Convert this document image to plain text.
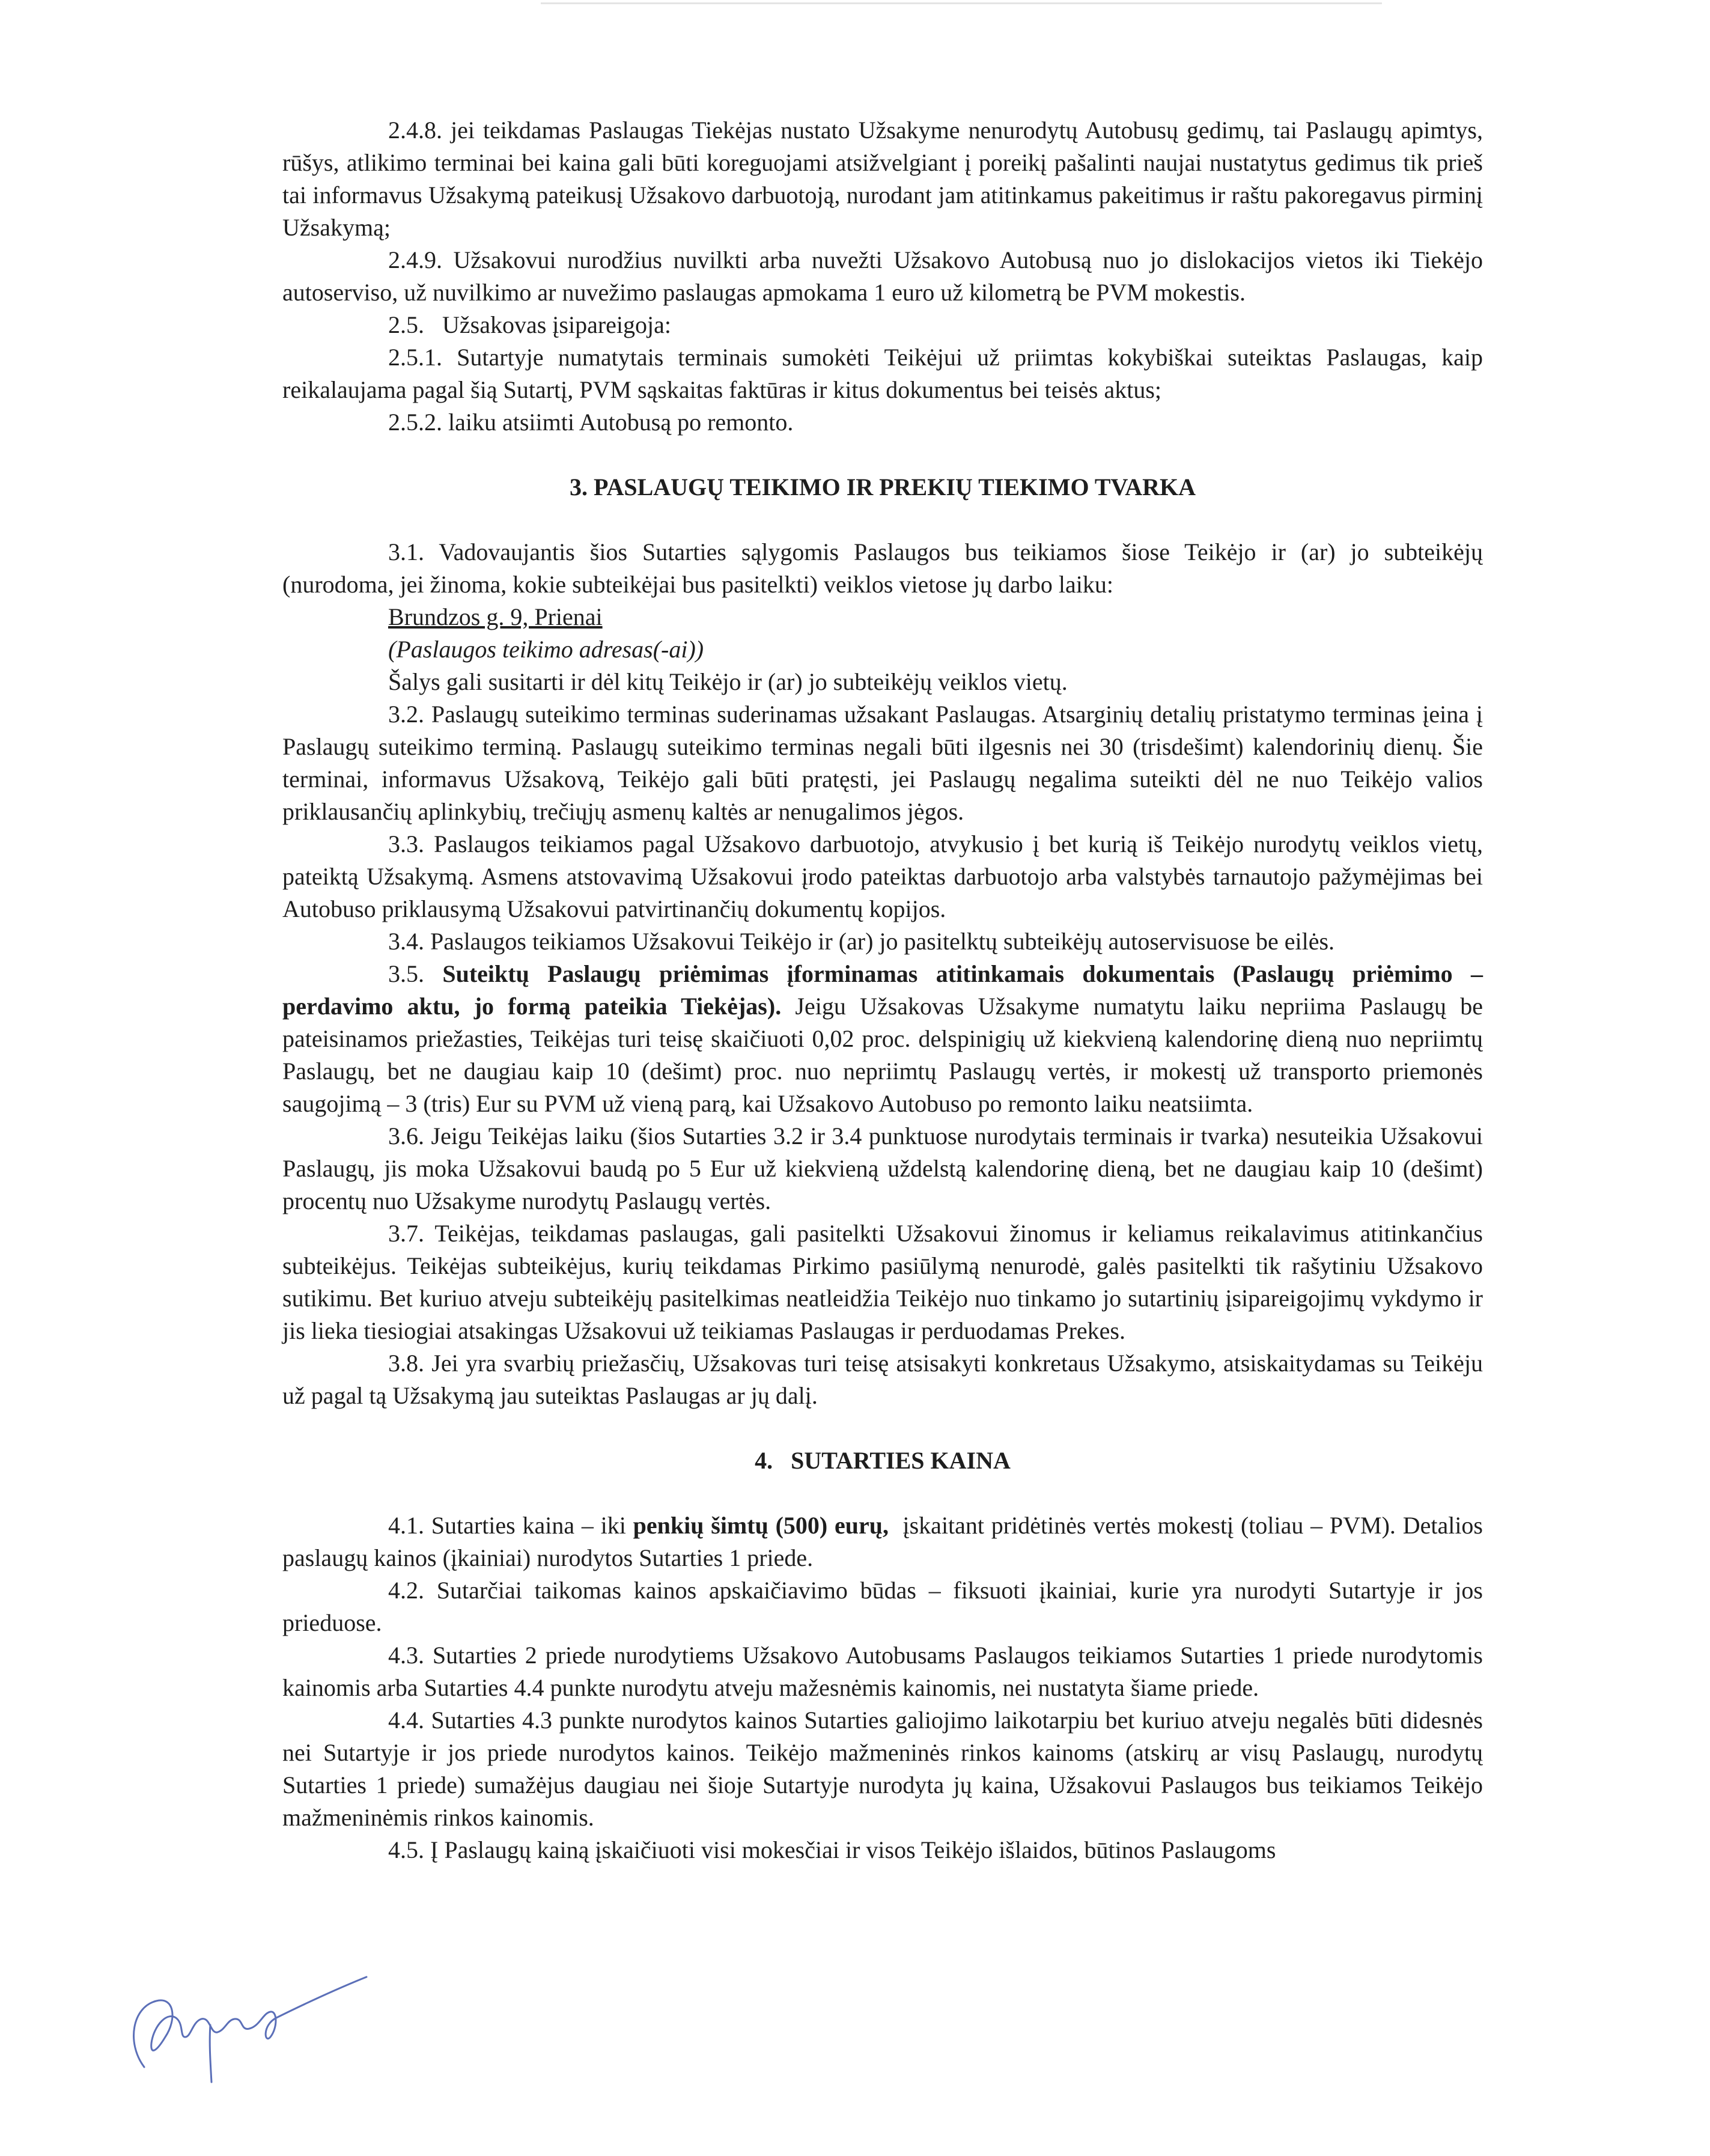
2.4.8. jei teikdamas Paslaugas Tiekėjas nustato Užsakyme nenurodytų Autobusų gedimų, tai Paslaugų apimtys, rūšys, atlikimo terminai bei kaina gali būti koreguojami atsižvelgiant į poreikį pašalinti naujai nustatytus gedimus tik prieš tai informavus Užsakymą pateikusį Užsakovo darbuotoją, nurodant jam atitinkamus pakeitimus ir raštu pakoregavus pirminį Užsakymą;

2.4.9. Užsakovui nurodžius nuvilkti arba nuvežti Užsakovo Autobusą nuo jo dislokacijos vietos iki Tiekėjo autoserviso, už nuvilkimo ar nuvežimo paslaugas apmokama 1 euro už kilometrą be PVM mokestis.

2.5.   Užsakovas įsipareigoja:

2.5.1. Sutartyje numatytais terminais sumokėti Teikėjui už priimtas kokybiškai suteiktas Paslaugas, kaip reikalaujama pagal šią Sutartį, PVM sąskaitas faktūras ir kitus dokumentus bei teisės aktus;

2.5.2. laiku atsiimti Autobusą po remonto.

3. PASLAUGŲ TEIKIMO IR PREKIŲ TIEKIMO TVARKA

3.1. Vadovaujantis šios Sutarties sąlygomis Paslaugos bus teikiamos šiose Teikėjo ir (ar) jo subteikėjų (nurodoma, jei žinoma, kokie subteikėjai bus pasitelkti) veiklos vietose jų darbo laiku:

Brundzos g. 9, Prienai

(Paslaugos teikimo adresas(-ai))

Šalys gali susitarti ir dėl kitų Teikėjo ir (ar) jo subteikėjų veiklos vietų.

3.2. Paslaugų suteikimo terminas suderinamas užsakant Paslaugas. Atsarginių detalių pristatymo terminas įeina į Paslaugų suteikimo terminą. Paslaugų suteikimo terminas negali būti ilgesnis nei 30 (trisdešimt) kalendorinių dienų. Šie terminai, informavus Užsakovą, Teikėjo gali būti pratęsti, jei Paslaugų negalima suteikti dėl ne nuo Teikėjo valios priklausančių aplinkybių, trečiųjų asmenų kaltės ar nenugalimos jėgos.

3.3. Paslaugos teikiamos pagal Užsakovo darbuotojo, atvykusio į bet kurią iš Teikėjo nurodytų veiklos vietų, pateiktą Užsakymą. Asmens atstovavimą Užsakovui įrodo pateiktas darbuotojo arba valstybės tarnautojo pažymėjimas bei Autobuso priklausymą Užsakovui patvirtinančių dokumentų kopijos.

3.4. Paslaugos teikiamos Užsakovui Teikėjo ir (ar) jo pasitelktų subteikėjų autoservisuose be eilės.

3.5. Suteiktų Paslaugų priėmimas įforminamas atitinkamais dokumentais (Paslaugų priėmimo – perdavimo aktu, jo formą pateikia Tiekėjas). Jeigu Užsakovas Užsakyme numatytu laiku nepriima Paslaugų be pateisinamos priežasties, Teikėjas turi teisę skaičiuoti 0,02 proc. delspinigių už kiekvieną kalendorinę dieną nuo nepriimtų Paslaugų, bet ne daugiau kaip 10 (dešimt) proc. nuo nepriimtų Paslaugų vertės, ir mokestį už transporto priemonės saugojimą – 3 (tris) Eur su PVM už vieną parą, kai Užsakovo Autobuso po remonto laiku neatsiimta.

3.6. Jeigu Teikėjas laiku (šios Sutarties 3.2 ir 3.4 punktuose nurodytais terminais ir tvarka) nesuteikia Užsakovui Paslaugų, jis moka Užsakovui baudą po 5 Eur už kiekvieną uždelstą kalendorinę dieną, bet ne daugiau kaip 10 (dešimt) procentų nuo Užsakyme nurodytų Paslaugų vertės.

3.7. Teikėjas, teikdamas paslaugas, gali pasitelkti Užsakovui žinomus ir keliamus reikalavimus atitinkančius subteikėjus. Teikėjas subteikėjus, kurių teikdamas Pirkimo pasiūlymą nenurodė, galės pasitelkti tik rašytiniu Užsakovo sutikimu. Bet kuriuo atveju subteikėjų pasitelkimas neatleidžia Teikėjo nuo tinkamo jo sutartinių įsipareigojimų vykdymo ir jis lieka tiesiogiai atsakingas Užsakovui už teikiamas Paslaugas ir perduodamas Prekes.

3.8. Jei yra svarbių priežasčių, Užsakovas turi teisę atsisakyti konkretaus Užsakymo, atsiskaitydamas su Teikėju už pagal tą Užsakymą jau suteiktas Paslaugas ar jų dalį.

4.   SUTARTIES KAINA

4.1. Sutarties kaina – iki penkių šimtų (500) eurų,  įskaitant pridėtinės vertės mokestį (toliau – PVM). Detalios paslaugų kainos (įkainiai) nurodytos Sutarties 1 priede.

4.2. Sutarčiai taikomas kainos apskaičiavimo būdas – fiksuoti įkainiai, kurie yra nurodyti Sutartyje ir jos prieduose.

4.3. Sutarties 2 priede nurodytiems Užsakovo Autobusams Paslaugos teikiamos Sutarties 1 priede nurodytomis kainomis arba Sutarties 4.4 punkte nurodytu atveju mažesnėmis kainomis, nei nustatyta šiame priede.

4.4. Sutarties 4.3 punkte nurodytos kainos Sutarties galiojimo laikotarpiu bet kuriuo atveju negalės būti didesnės nei Sutartyje ir jos priede nurodytos kainos. Teikėjo mažmeninės rinkos kainoms (atskirų ar visų Paslaugų, nurodytų Sutarties 1 priede) sumažėjus daugiau nei šioje Sutartyje nurodyta jų kaina, Užsakovui Paslaugos bus teikiamos Teikėjo mažmeninėmis rinkos kainomis.

4.5. Į Paslaugų kainą įskaičiuoti visi mokesčiai ir visos Teikėjo išlaidos, būtinos Paslaugoms
